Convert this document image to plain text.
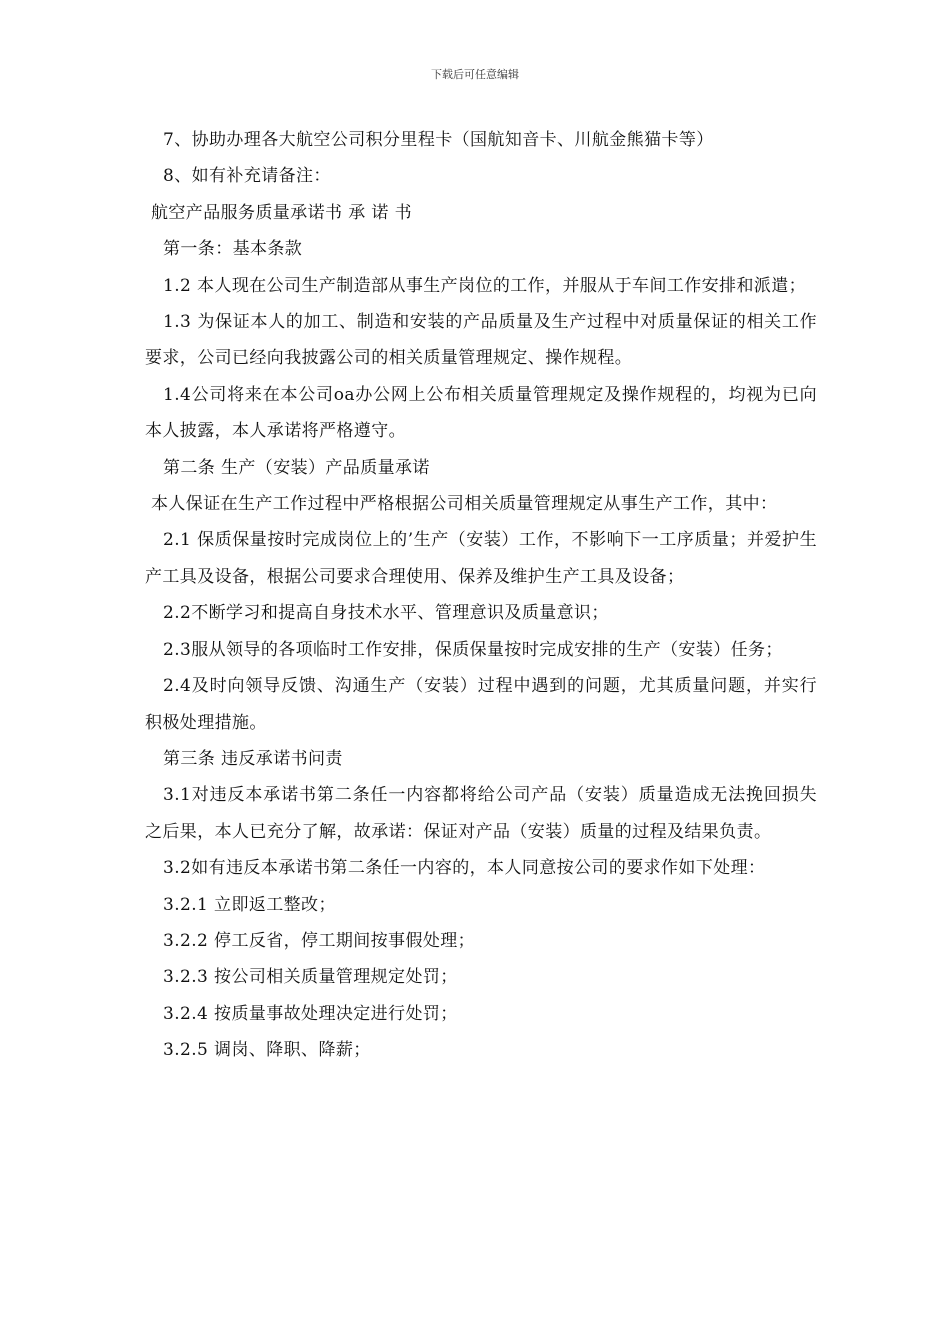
下载后可任意编辑

7、协助办理各大航空公司积分里程卡（国航知音卡、川航金熊猫卡等）

8、如有补充请备注：

航空产品服务质量承诺书 承 诺 书

第一条：基本条款

1.2 本人现在公司生产制造部从事生产岗位的工作，并服从于车间工作安排和派遣；

1.3 为保证本人的加工、制造和安装的产品质量及生产过程中对质量保证的相关工作要求，公司已经向我披露公司的相关质量管理规定、操作规程。

1.4公司将来在本公司oa办公网上公布相关质量管理规定及操作规程的，均视为已向本人披露，本人承诺将严格遵守。

第二条 生产（安装）产品质量承诺

本人保证在生产工作过程中严格根据公司相关质量管理规定从事生产工作，其中：

2.1 保质保量按时完成岗位上的’生产（安装）工作，不影响下一工序质量；并爱护生产工具及设备，根据公司要求合理使用、保养及维护生产工具及设备；

2.2不断学习和提高自身技术水平、管理意识及质量意识；

2.3服从领导的各项临时工作安排，保质保量按时完成安排的生产（安装）任务；

2.4及时向领导反馈、沟通生产（安装）过程中遇到的问题，尤其质量问题，并实行积极处理措施。

第三条 违反承诺书问责

3.1对违反本承诺书第二条任一内容都将给公司产品（安装）质量造成无法挽回损失之后果，本人已充分了解，故承诺：保证对产品（安装）质量的过程及结果负责。

3.2如有违反本承诺书第二条任一内容的，本人同意按公司的要求作如下处理：

3.2.1 立即返工整改；

3.2.2 停工反省，停工期间按事假处理；

3.2.3 按公司相关质量管理规定处罚；

3.2.4 按质量事故处理决定进行处罚；

3.2.5 调岗、降职、降薪；
